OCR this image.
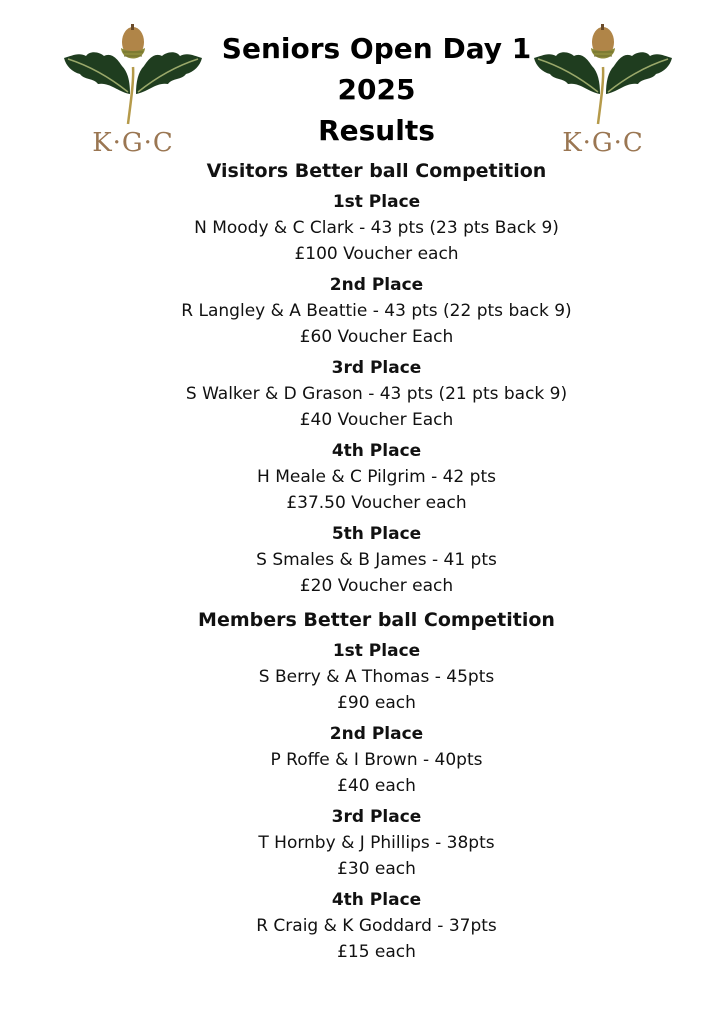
K·G·C	K·G·C
Seniors Open Day 1
2025
Results
Visitors Better ball Competition
1st Place
N Moody & C Clark - 43 pts (23 pts Back 9)
£100 Voucher each
2nd Place
R Langley & A Beattie - 43 pts (22 pts back 9)
£60 Voucher Each
3rd Place
S Walker & D Grason - 43 pts (21 pts back 9)
£40 Voucher Each
4th Place
H Meale & C Pilgrim - 42 pts
£37.50 Voucher each
5th Place
S Smales & B James - 41 pts
£20 Voucher each
Members Better ball Competition
1st Place
S Berry & A Thomas - 45pts
£90 each
2nd Place
P Roffe & I Brown - 40pts
£40 each
3rd Place
T Hornby & J Phillips - 38pts
£30 each
4th Place
R Craig & K Goddard - 37pts
£15 each
